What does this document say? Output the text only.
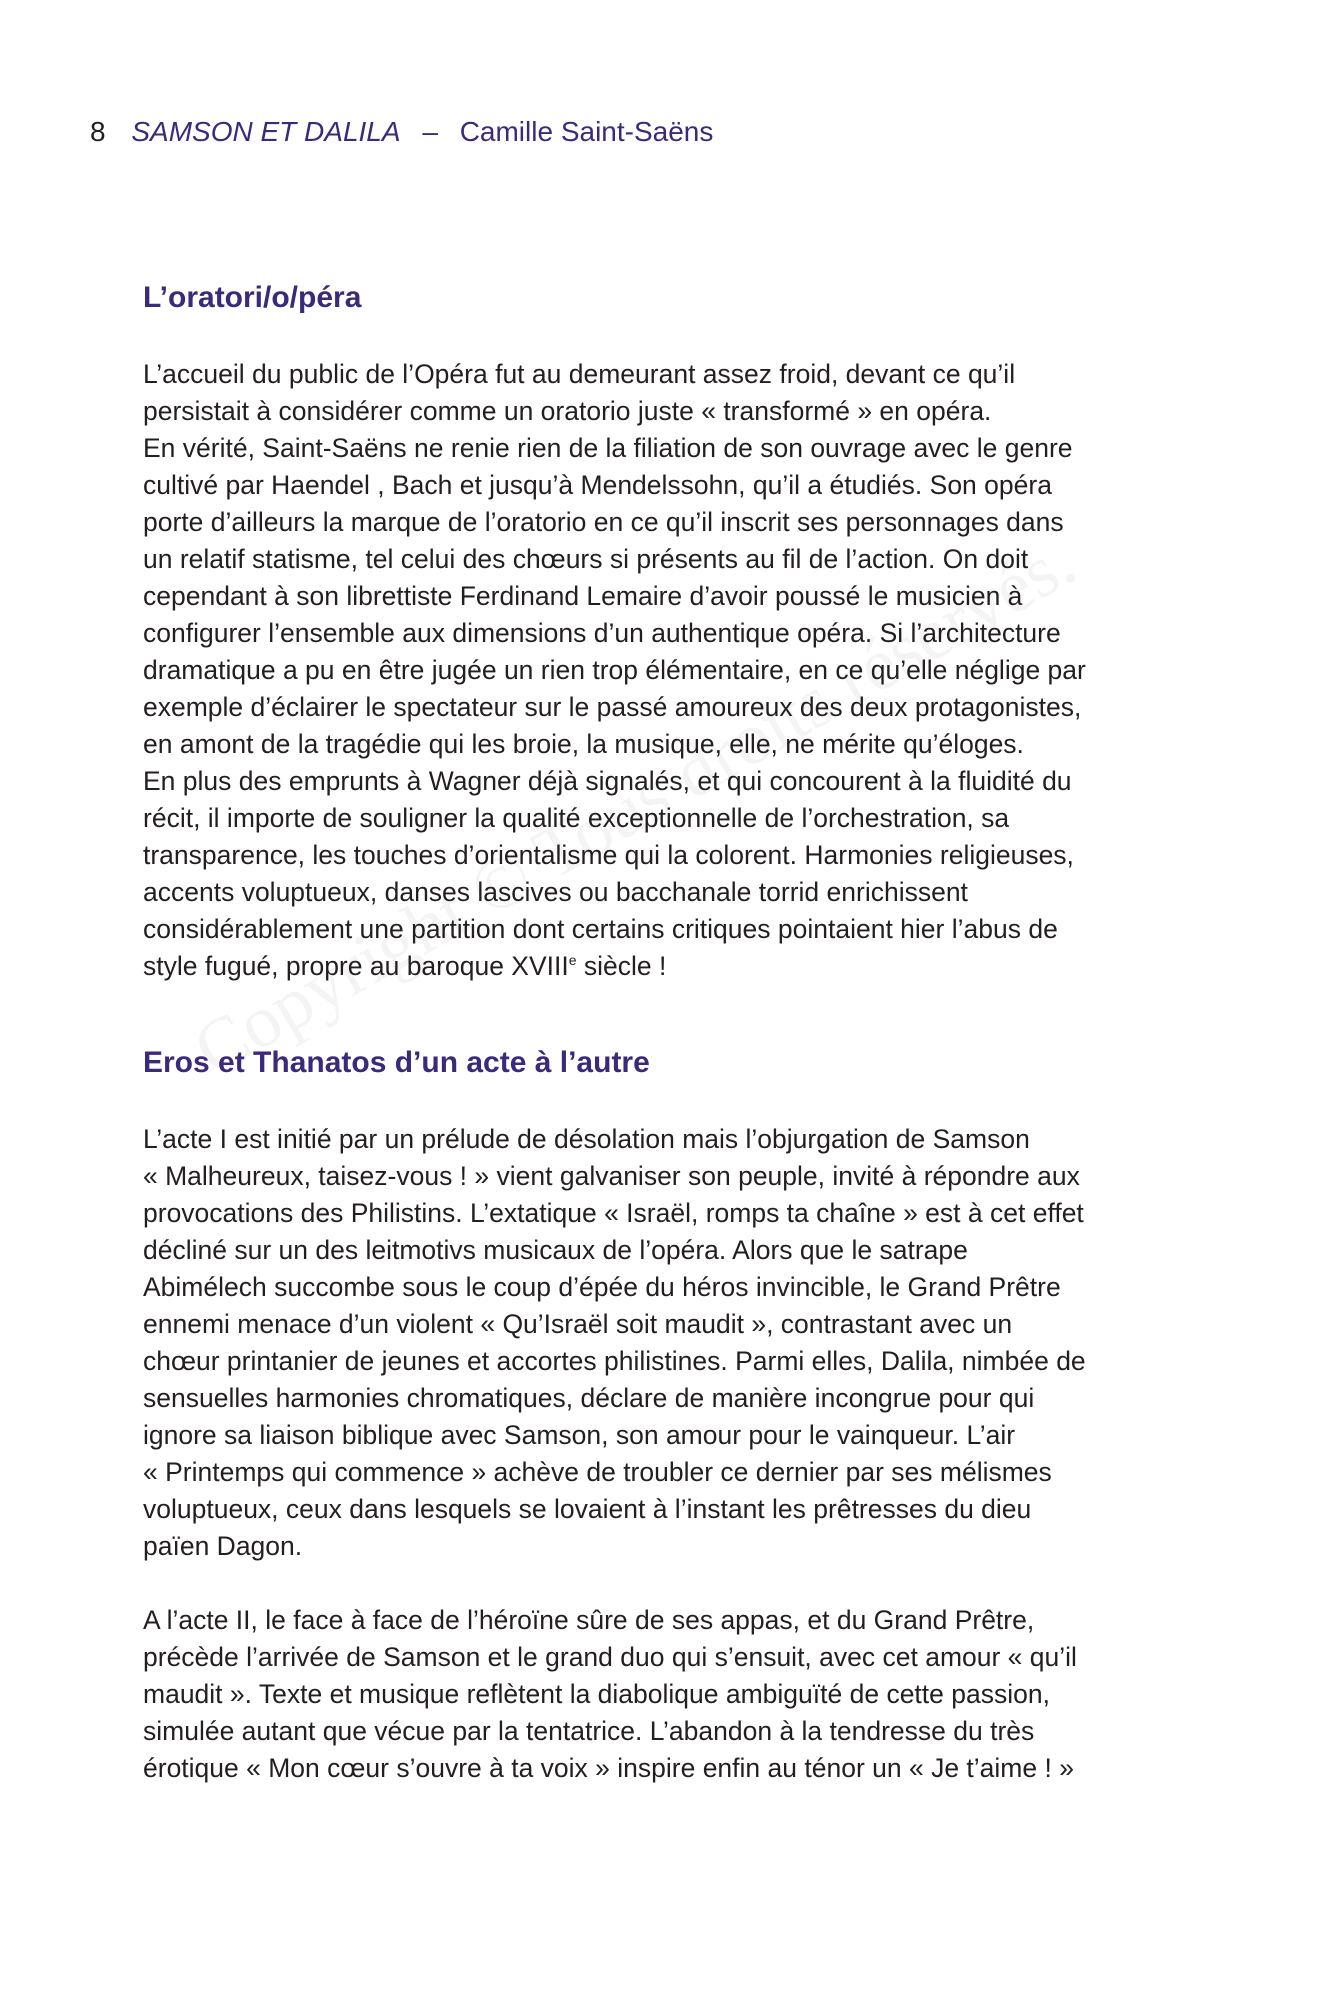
8 SAMSON ET DALILA – Camille Saint-Saëns
L’oratori/o/péra

L’accueil du public de l’Opéra fut au demeurant assez froid, devant ce qu’il

persistait à considérer comme un oratorio juste « transformé » en opéra.

En vérité, Saint-Saëns ne renie rien de la filiation de son ouvrage avec le genre

cultivé par Haendel , Bach et jusqu’à Mendelssohn, qu’il a étudiés. Son opéra

porte d’ailleurs la marque de l’oratorio en ce qu’il inscrit ses personnages dans

un relatif statisme, tel celui des chœurs si présents au fil de l’action. On doit

cependant à son librettiste Ferdinand Lemaire d’avoir poussé le musicien à

configurer l’ensemble aux dimensions d’un authentique opéra. Si l’architecture

dramatique a pu en être jugée un rien trop élémentaire, en ce qu’elle néglige par

exemple d’éclairer le spectateur sur le passé amoureux des deux protagonistes,

en amont de la tragédie qui les broie, la musique, elle, ne mérite qu’éloges.

En plus des emprunts à Wagner déjà signalés, et qui concourent à la fluidité du

récit, il importe de souligner la qualité exceptionnelle de l’orchestration, sa

transparence, les touches d’orientalisme qui la colorent. Harmonies religieuses,

accents voluptueux, danses lascives ou bacchanale torrid enrichissent

considérablement une partition dont certains critiques pointaient hier l’abus de

style fugué, propre au baroque XVIIIe siècle !

Eros et Thanatos d’un acte à l’autre

L’acte I est initié par un prélude de désolation mais l’objurgation de Samson

« Malheureux, taisez-vous ! » vient galvaniser son peuple, invité à répondre aux

provocations des Philistins. L’extatique « Israël, romps ta chaîne » est à cet effet

décliné sur un des leitmotivs musicaux de l’opéra. Alors que le satrape

Abimélech succombe sous le coup d’épée du héros invincible, le Grand Prêtre

ennemi menace d’un violent « Qu’Israël soit maudit », contrastant avec un

chœur printanier de jeunes et accortes philistines. Parmi elles, Dalila, nimbée de

sensuelles harmonies chromatiques, déclare de manière incongrue pour qui

ignore sa liaison biblique avec Samson, son amour pour le vainqueur. L’air

« Printemps qui commence » achève de troubler ce dernier par ses mélismes

voluptueux, ceux dans lesquels se lovaient à l’instant les prêtresses du dieu

païen Dagon.

A l’acte II, le face à face de l’héroïne sûre de ses appas, et du Grand Prêtre,

précède l’arrivée de Samson et le grand duo qui s’ensuit, avec cet amour « qu’il

maudit ». Texte et musique reflètent la diabolique ambiguïté de cette passion,

simulée autant que vécue par la tentatrice. L’abandon à la tendresse du très

érotique « Mon cœur s’ouvre à ta voix » inspire enfin au ténor un « Je t’aime ! »
